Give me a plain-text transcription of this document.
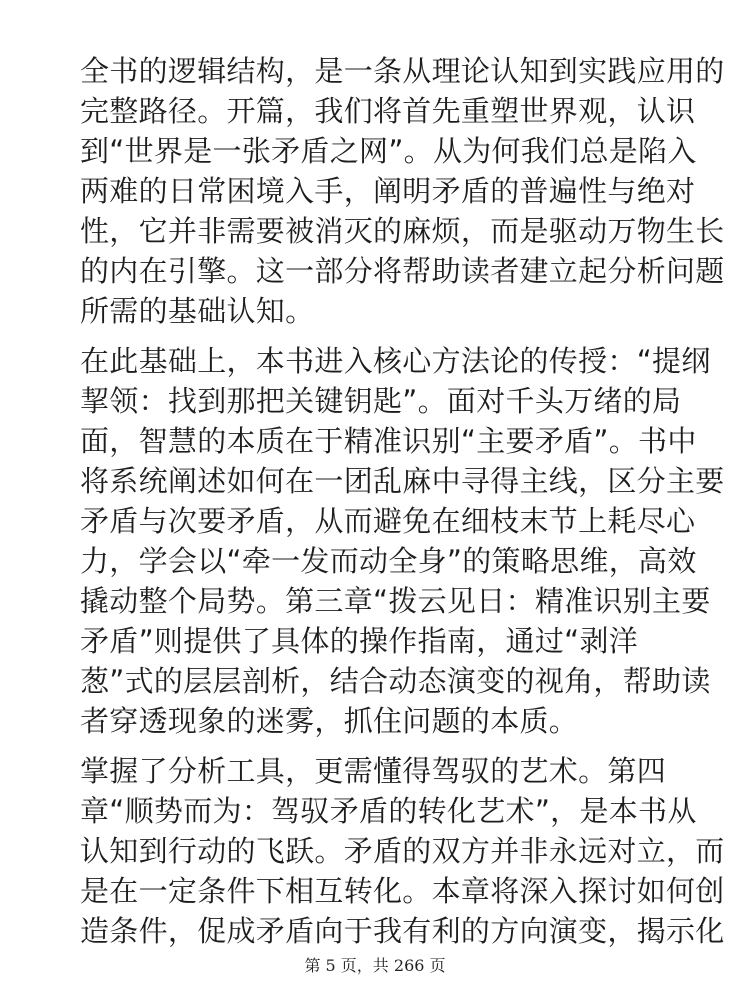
全书的逻辑结构，是一条从理论认知到实践应用的
完整路径。开篇，我们将首先重塑世界观，认识
到“世界是一张矛盾之网”。从为何我们总是陷入
两难的日常困境入手，阐明矛盾的普遍性与绝对
性，它并非需要被消灭的麻烦，而是驱动万物生长
的内在引擎。这一部分将帮助读者建立起分析问题
所需的基础认知。

在此基础上，本书进入核心方法论的传授：“提纲
挈领：找到那把关键钥匙”。面对千头万绪的局
面，智慧的本质在于精准识别“主要矛盾”。书中
将系统阐述如何在一团乱麻中寻得主线，区分主要
矛盾与次要矛盾，从而避免在细枝末节上耗尽心
力，学会以“牵一发而动全身”的策略思维，高效
撬动整个局势。第三章“拨云见日：精准识别主要
矛盾”则提供了具体的操作指南，通过“剥洋
葱”式的层层剖析，结合动态演变的视角，帮助读
者穿透现象的迷雾，抓住问题的本质。

掌握了分析工具，更需懂得驾驭的艺术。第四
章“顺势而为：驾驭矛盾的转化艺术”，是本书从
认知到行动的飞跃。矛盾的双方并非永远对立，而
是在一定条件下相互转化。本章将深入探讨如何创
造条件，促成矛盾向于我有利的方向演变，揭示化

第 5 页，共 266 页
